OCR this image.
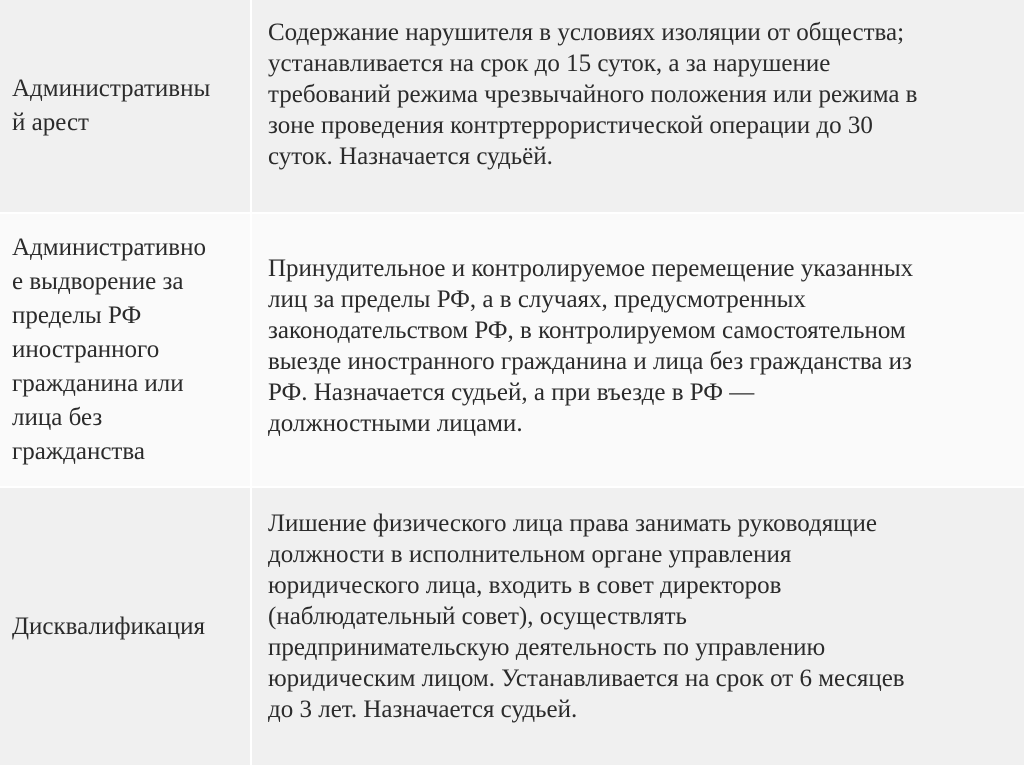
Административны
й арест
Содержание нарушителя в условиях изоляции от общества;
устанавливается на срок до 15 суток, а за нарушение
требований режима чрезвычайного положения или режима в
зоне проведения контртеррористической операции до 30
суток. Назначается судьёй.
Административно
е выдворение за
пределы РФ
иностранного
гражданина или
лица без
гражданства
Принудительное и контролируемое перемещение указанных
лиц за пределы РФ, а в случаях, предусмотренных
законодательством РФ, в контролируемом самостоятельном
выезде иностранного гражданина и лица без гражданства из
РФ. Назначается судьей, а при въезде в РФ —
должностными лицами.
Дисквалификация
Лишение физического лица права занимать руководящие
должности в исполнительном органе управления
юридического лица, входить в совет директоров
(наблюдательный совет), осуществлять
предпринимательскую деятельность по управлению
юридическим лицом. Устанавливается на срок от 6 месяцев
до 3 лет. Назначается судьей.
